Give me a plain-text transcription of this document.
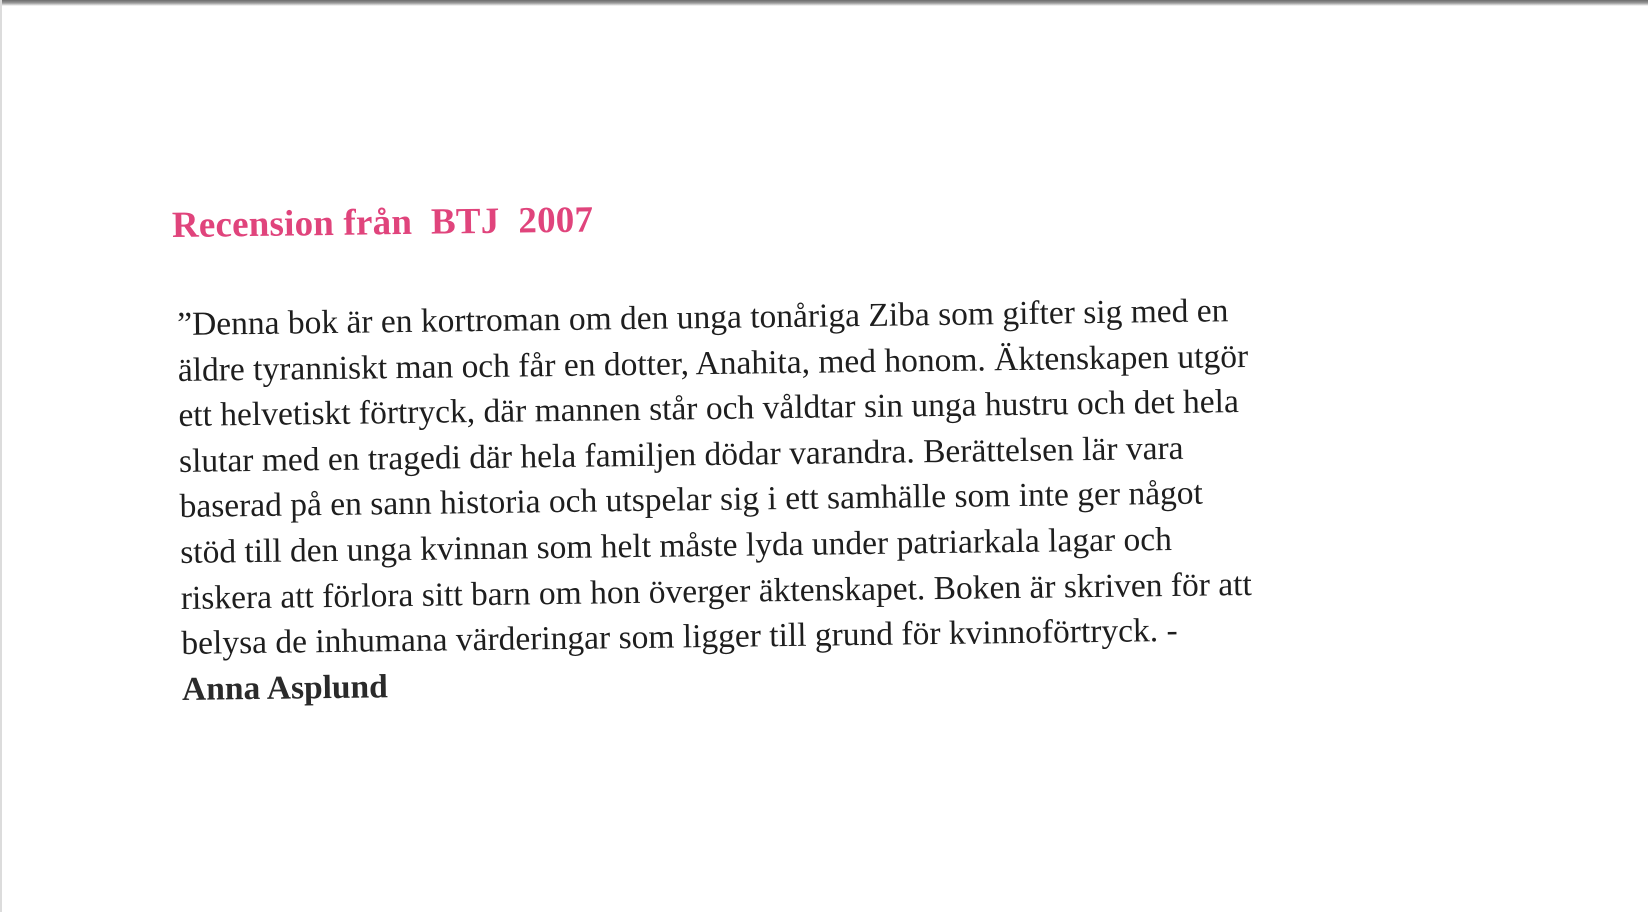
Recension från  BTJ  2007
”Denna bok är en kortroman om den unga tonåriga Ziba som gifter sig med en
äldre tyranniskt man och får en dotter, Anahita, med honom. Äktenskapen utgör
ett helvetiskt förtryck, där mannen står och våldtar sin unga hustru och det hela
slutar med en tragedi där hela familjen dödar varandra. Berättelsen lär vara
baserad på en sann historia och utspelar sig i ett samhälle som inte ger något
stöd till den unga kvinnan som helt måste lyda under patriarkala lagar och
riskera att förlora sitt barn om hon överger äktenskapet. Boken är skriven för att
belysa de inhumana värderingar som ligger till grund för kvinnoförtryck. -
Anna Asplund
